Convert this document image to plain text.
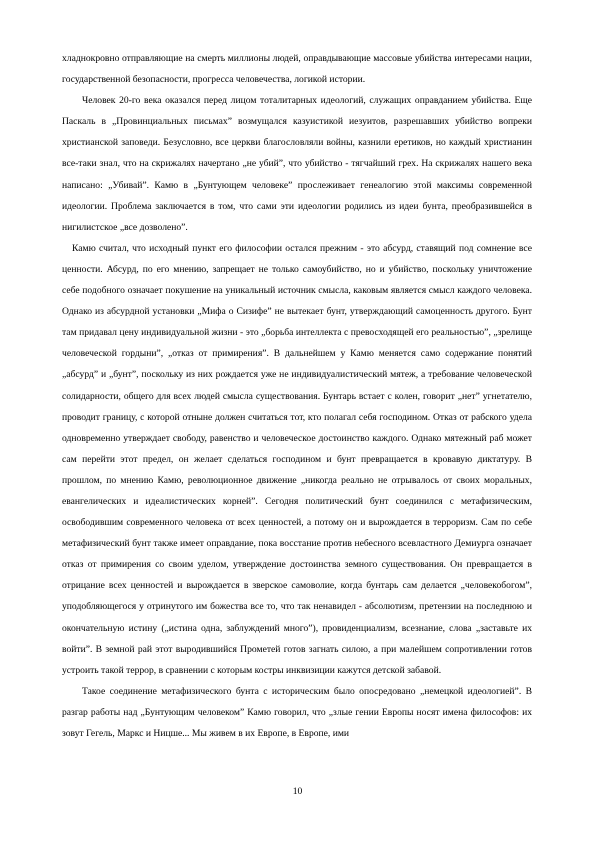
хладнокровно отправляющие на смерть миллионы людей, оправдывающие массовые убийства интересами нации, государственной безопасности, прогресса человечества, логикой истории.

Человек 20-го века оказался перед лицом тоталитарных идеологий, служащих оправданием убийства. Еще Паскаль в „Провинциальных письмах” возмущался казуистикой иезуитов, разрешавших убийство вопреки христианской заповеди. Безусловно, все церкви благословляли войны, казнили еретиков, но каждый христианин все-таки знал, что на скрижалях начертано „не убий”, что убийство - тягчайший грех. На скрижалях нашего века написано: „Убивай”. Камю в „Бунтующем человеке” прослеживает генеалогию этой максимы современной идеологии. Проблема заключается в том, что сами эти идеологии родились из идеи бунта, преобразившейся в нигилистское „все дозволено”.

Камю считал, что исходный пункт его философии остался прежним - это абсурд, ставящий под сомнение все ценности. Абсурд, по его мнению, запрещает не только самоубийство, но и убийство, поскольку уничтожение себе подобного означает покушение на уникальный источник смысла, каковым является смысл каждого человека. Однако из абсурдной установки „Мифа о Сизифе” не вытекает бунт, утверждающий самоценность другого. Бунт там придавал цену индивидуальной жизни - это „борьба интеллекта с превосходящей его реальностью”, „зрелище человеческой гордыни”, „отказ от примирения”. В дальнейшем у Камю меняется само содержание понятий „абсурд” и „бунт”, поскольку из них рождается уже не индивидуалистический мятеж, а требование человеческой солидарности, общего для всех людей смысла существования. Бунтарь встает с колен, говорит „нет” угнетателю, проводит границу, с которой отныне должен считаться тот, кто полагал себя господином. Отказ от рабского удела одновременно утверждает свободу, равенство и человеческое достоинство каждого. Однако мятежный раб может сам перейти этот предел, он желает сделаться господином и бунт превращается в кровавую диктатуру. В прошлом, по мнению Камю, революционное движение „никогда реально не отрывалось от своих моральных, евангелических и идеалистических корней”. Сегодня политический бунт соединился с метафизическим, освободившим современного человека от всех ценностей, а потому он и вырождается в терроризм. Сам по себе метафизический бунт также имеет оправдание, пока восстание против небесного всевластного Демиурга означает отказ от примирения со своим уделом, утверждение достоинства земного существования. Он превращается в отрицание всех ценностей и вырождается в зверское самоволие, когда бунтарь сам делается „человекобогом”, уподобляющегося у отринутого им божества все то, что так ненавидел - абсолютизм, претензии на последнюю и окончательную истину („истина одна, заблуждений много”), провиденциализм, всезнание, слова „заставьте их войти”. В земной рай этот выродившийся Прометей готов загнать силою, а при малейшем сопротивлении готов устроить такой террор, в сравнении с которым костры инквизиции кажутся детской забавой.

Такое соединение метафизического бунта с историческим было опосредовано „немецкой идеологией”. В разгар работы над „Бунтующим человеком” Камю говорил, что „злые гении Европы носят имена философов: их зовут Гегель, Маркс и Ницше... Мы живем в их Европе, в Европе, ими

10
